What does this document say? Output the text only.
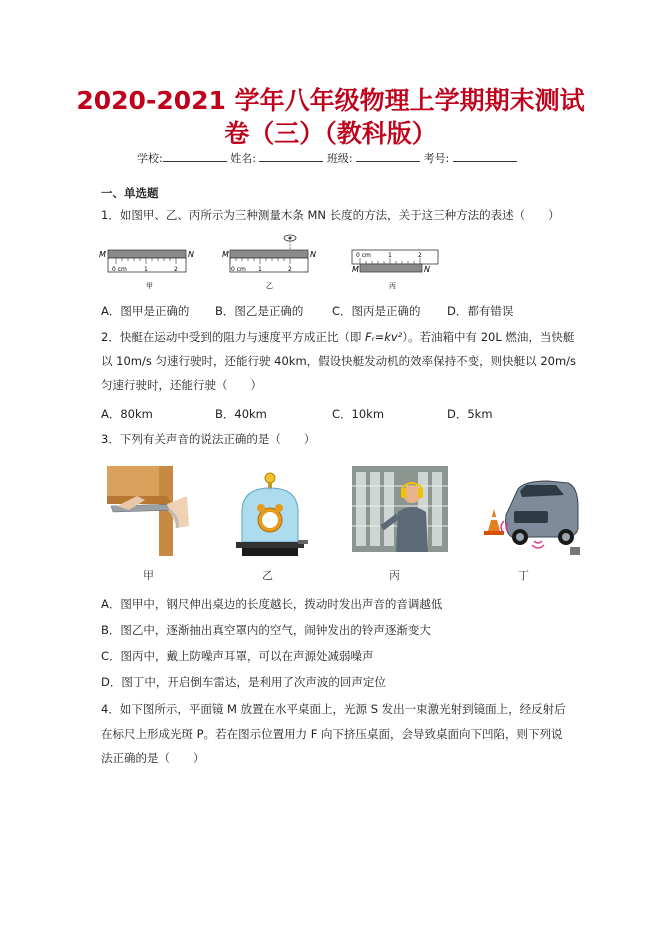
2020-2021 学年八年级物理上学期期末测试
卷（三）（教科版）
学校:	姓名:	班级:	考号:
一、单选题
1．如图甲、乙、丙所示为三种测量木条 MN 长度的方法，关于这三种方法的表述（　　）
M	N
0 cm	1	2
甲
M	N
0 cm 1	2
乙
0 cm	1	2
M	N
丙
A．图甲是正确的 B．图乙是正确的 C．图丙是正确的 D．都有错误
2．快艇在运动中受到的阻力与速度平方成正比（即 Fᵣ=kv²）。若油箱中有 20L 燃油，当快艇
以 10m/s 匀速行驶时，还能行驶 40km，假设快艇发动机的效率保持不变，则快艇以 20m/s
匀速行驶时，还能行驶（　　）
A．80km	B．40km	C．10km	D．5km
3．下列有关声音的说法正确的是（　　）
甲	乙	丙	丁
A．图甲中，钢尺伸出桌边的长度越长，拨动时发出声音的音调越低
B．图乙中，逐渐抽出真空罩内的空气，闹钟发出的铃声逐渐变大
C．图丙中，戴上防噪声耳罩，可以在声源处减弱噪声
D．图丁中，开启倒车雷达，是利用了次声波的回声定位
4．如下图所示，平面镜 M 放置在水平桌面上，光源 S 发出一束激光射到镜面上，经反射后
在标尺上形成光斑 P。若在图示位置用力 F 向下挤压桌面，会导致桌面向下凹陷，则下列说
法正确的是（　　）
